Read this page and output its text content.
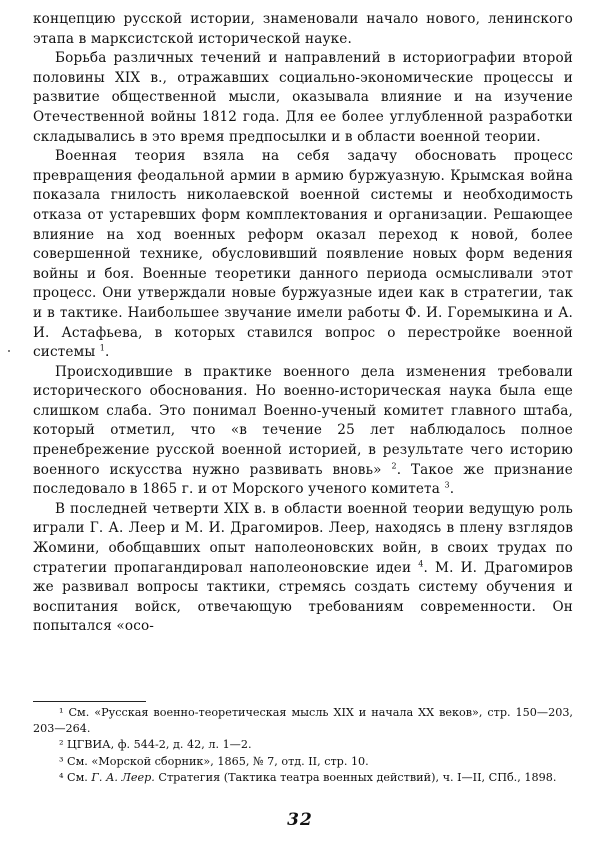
концепцию русской истории, знаменовали начало нового, ленинского этапа в марксистской исторической науке.

Борьба различных течений и направлений в историографии второй половины XIX в., отражавших социально-экономические процессы и развитие общественной мысли, оказывала влияние и на изучение Отечественной войны 1812 года. Для ее более углубленной разработки складывались в это время предпосылки и в области военной теории.

Военная теория взяла на себя задачу обосновать процесс превращения феодальной армии в армию буржуазную. Крымская война показала гнилость николаевской военной системы и необходимость отказа от устаревших форм комплектования и организации. Решающее влияние на ход военных реформ оказал переход к новой, более совершенной технике, обусловивший появление новых форм ведения войны и боя. Военные теоретики данного периода осмысливали этот процесс. Они утверждали новые буржуазные идеи как в стратегии, так и в тактике. Наибольшее звучание имели работы Ф. И. Горемыкина и А. И. Астафьева, в которых ставился вопрос о перестройке военной системы $^1$.

Происходившие в практике военного дела изменения требовали исторического обоснования. Но военно-историческая наука была еще слишком слаба. Это понимал Военно-ученый комитет главного штаба, который отметил, что «в течение 25 лет наблюдалось полное пренебрежение русской военной историей, в результате чего историю военного искусства нужно развивать вновь» $^2$. Такое же признание последовало в 1865 г. и от Морского ученого комитета $^3$.

В последней четверти XIX в. в области военной теории ведущую роль играли Г. А. Леер и М. И. Драгомиров. Леер, находясь в плену взглядов Жомини, обобщавших опыт наполеоновских войн, в своих трудах по стратегии пропагандировал наполеоновские идеи $^4$. М. И. Драгомиров же развивал вопросы тактики, стремясь создать систему обучения и воспитания войск, отвечающую требованиям современности. Он попытался «осо-

¹ См. «Русская военно-теоретическая мысль XIX и начала XX веков», стр. 150—203, 203—264.

² ЦГВИА, ф. 544-2, д. 42, л. 1—2.

³ См. «Морской сборник», 1865, № 7, отд. II, стр. 10.

⁴ См. Г. А. Леер. Стратегия (Тактика театра военных действий), ч. I—II, СПб., 1898.

32
